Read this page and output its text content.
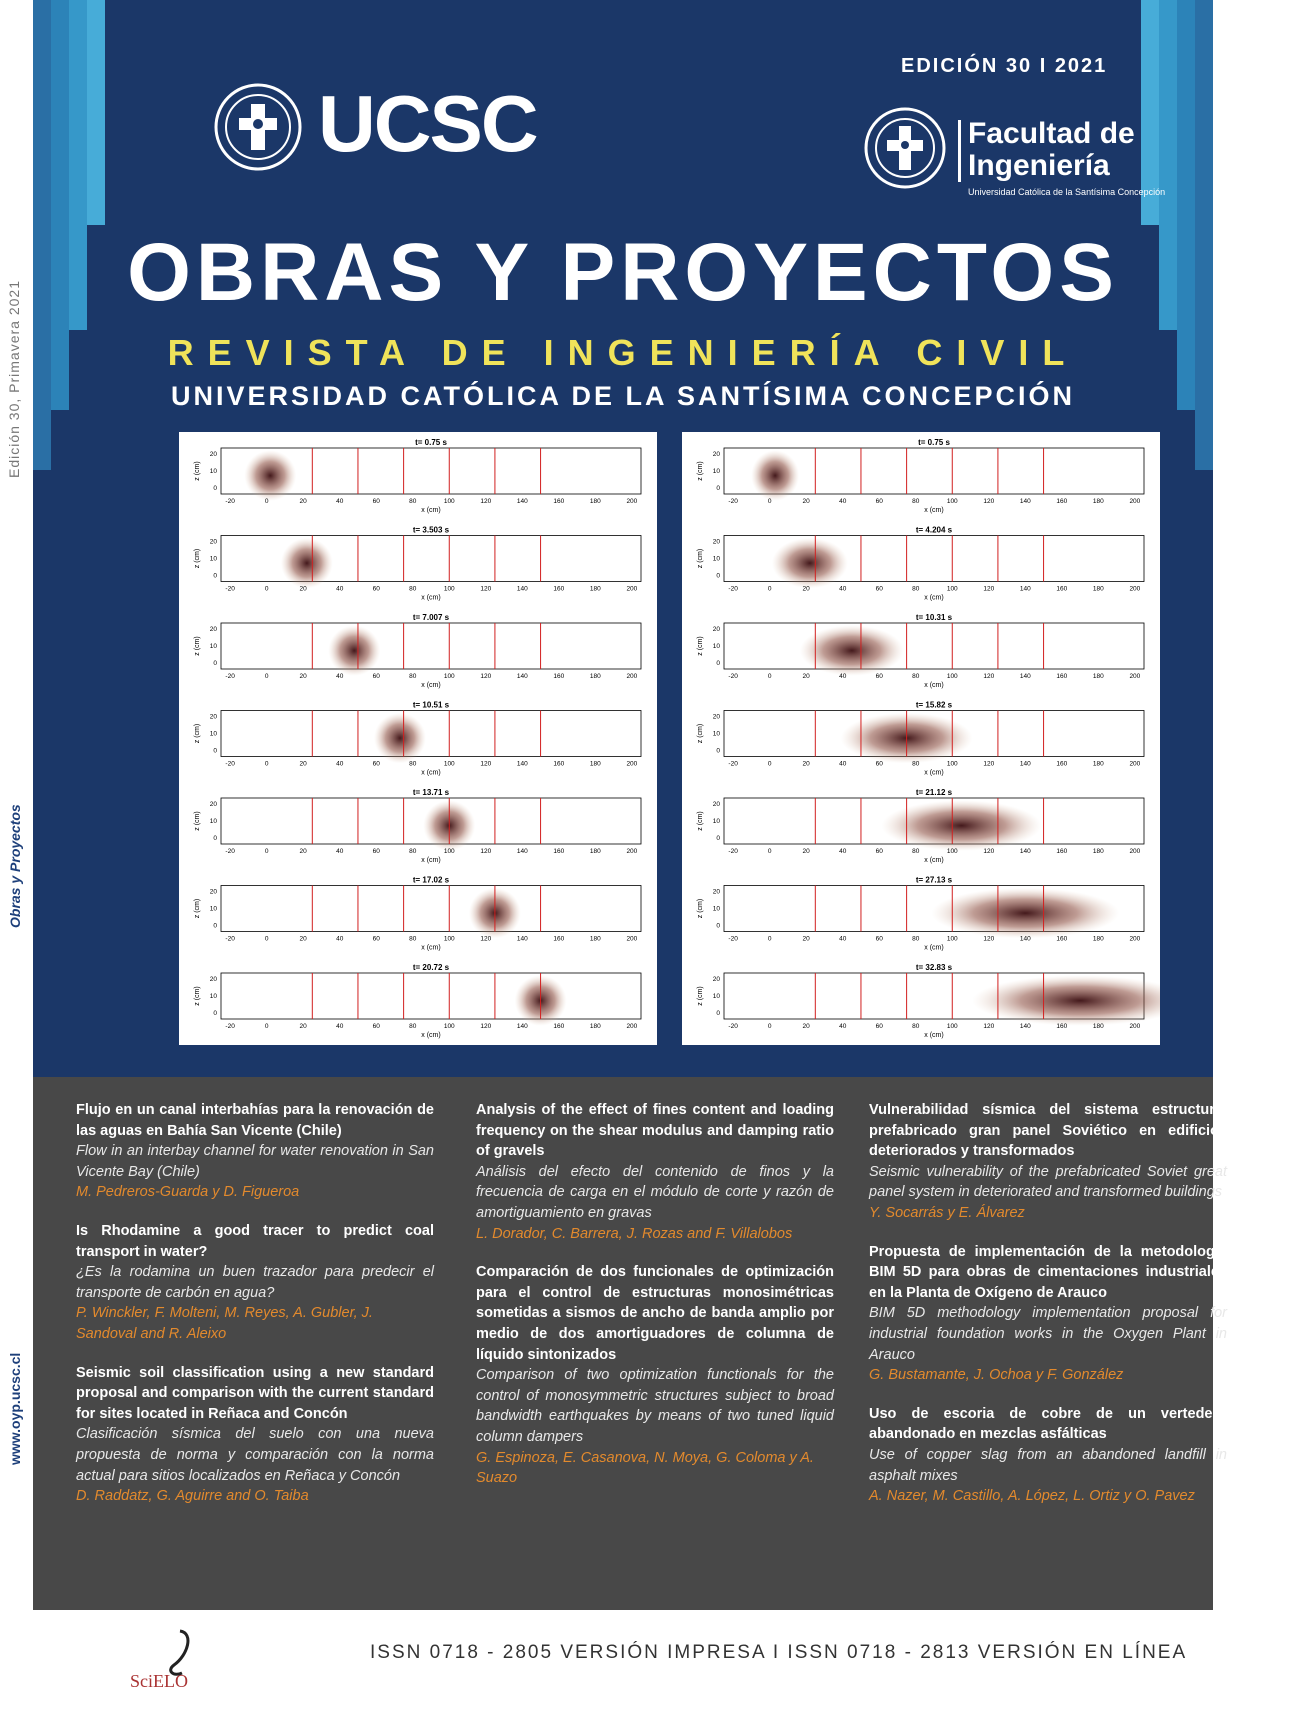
Edición 30, Primavera 2021
Obras y Proyectos
www.oyp.ucsc.cl
EDICIÓN 30 I 2021
UCSC	Facultad de
Ingeniería
Universidad Católica de la Santísima Concepción
OBRAS Y PROYECTOS
REVISTA DE INGENIERÍA CIVIL
UNIVERSIDAD CATÓLICA DE LA SANTÍSIMA CONCEPCIÓN
t= 0.75 s
-20	0	20	40	60	80	100	120	140	160	180	200
20
10
0
x (cm)
z (cm)
t= 3.503 s
-20	0	20	40	60	80	100	120	140	160	180	200
20
10
0
x (cm)
z (cm)
t= 7.007 s
-20	0	20	40	60	80	100	120	140	160	180	200
20
10
0
x (cm)
z (cm)
t= 10.51 s
-20	0	20	40	60	80	100	120	140	160	180	200
20
10
0
x (cm)
z (cm)
t= 13.71 s
-20	0	20	40	60	80	100	120	140	160	180	200
20
10
0
x (cm)
z (cm)
t= 17.02 s
-20	0	20	40	60	80	100	120	140	160	180	200
20
10
0
x (cm)
z (cm)
t= 20.72 s
-20	0	20	40	60	80	100	120	140	160	180	200
20
10
0
x (cm)
z (cm)
t= 0.75 s
-20	0	20	40	60	80	100	120	140	160	180	200
20
10
0
x (cm)
z (cm)
t= 4.204 s
-20	0	20	40	60	80	100	120	140	160	180	200
20
10
0
x (cm)
z (cm)
t= 10.31 s
-20	0	20	40	60	80	100	120	140	160	180	200
20
10
0
x (cm)
z (cm)
t= 15.82 s
-20	0	20	40	60	80	100	120	140	160	180	200
20
10
0
x (cm)
z (cm)
t= 21.12 s
-20	0	20	40	60	80	100	120	140	160	180	200
20
10
0
x (cm)
z (cm)
t= 27.13 s
-20	0	20	40	60	80	100	120	140	160	180	200
20
10
0
x (cm)
z (cm)
t= 32.83 s
-20	0	20	40	60	80	100	120	140	160	180	200
20
10
0
x (cm)
z (cm)
Flujo en un canal interbahías para la renovación de las aguas en Bahía San Vicente (Chile)
Flow in an interbay channel for water renovation in San Vicente Bay (Chile)
M. Pedreros-Guarda y D. Figueroa
Is Rhodamine a good tracer to predict coal transport in water?
¿Es la rodamina un buen trazador para predecir el transporte de carbón en agua?
P. Winckler, F. Molteni, M. Reyes, A. Gubler, J. Sandoval and R. Aleixo
Seismic soil classification using a new standard proposal and comparison with the current standard for sites located in Reñaca and Concón
Clasificación sísmica del suelo con una nueva propuesta de norma y comparación con la norma actual para sitios localizados en Reñaca y Concón
D. Raddatz, G. Aguirre and O. Taiba
Analysis of the effect of fines content and loading frequency on the shear modulus and damping ratio of gravels
Análisis del efecto del contenido de finos y la frecuencia de carga en el módulo de corte y razón de amortiguamiento en gravas
L. Dorador, C. Barrera, J. Rozas and F. Villalobos
Comparación de dos funcionales de optimización para el control de estructuras monosimétricas sometidas a sismos de ancho de banda amplio por medio de dos amortiguadores de columna de líquido sintonizados
Comparison of two optimization functionals for the control of monosymmetric structures subject to broad bandwidth earthquakes by means of two tuned liquid column dampers
G. Espinoza, E. Casanova, N. Moya, G. Coloma y A. Suazo
Vulnerabilidad sísmica del sistema estructural prefabricado gran panel Soviético en edificios deteriorados y transformados
Seismic vulnerability of the prefabricated Soviet great panel system in deteriorated and transformed buildings
Y. Socarrás y E. Álvarez
Propuesta de implementación de la metodología BIM 5D para obras de cimentaciones industriales en la Planta de Oxígeno de Arauco
BIM 5D methodology implementation proposal for industrial foundation works in the Oxygen Plant in Arauco
G. Bustamante, J. Ochoa y F. González
Uso de escoria de cobre de un vertedero abandonado en mezclas asfálticas
Use of copper slag from an abandoned landfill in asphalt mixes
A. Nazer, M. Castillo, A. López, L. Ortiz y O. Pavez
SciELO
ISSN 0718 - 2805 VERSIÓN IMPRESA I ISSN 0718 - 2813 VERSIÓN EN LÍNEA
